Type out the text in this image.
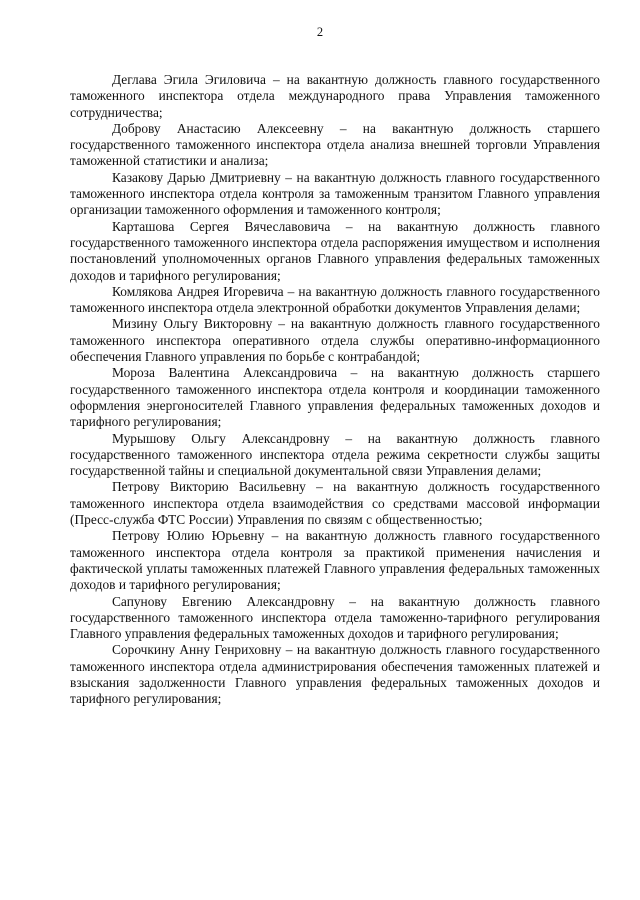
2

Деглава Эгила Эгиловича – на вакантную должность главного государственного таможенного инспектора отдела международного права Управления таможенного сотрудничества;

Доброву Анастасию Алексеевну – на вакантную должность старшего государственного таможенного инспектора отдела анализа внешней торговли Управления таможенной статистики и анализа;

Казакову Дарью Дмитриевну – на вакантную должность главного государственного таможенного инспектора отдела контроля за таможенным транзитом Главного управления организации таможенного оформления и таможенного контроля;

Карташова Сергея Вячеславовича – на вакантную должность главного государственного таможенного инспектора отдела распоряжения имуществом и исполнения постановлений уполномоченных органов Главного управления федеральных таможенных доходов и тарифного регулирования;

Комлякова Андрея Игоревича – на вакантную должность главного государственного таможенного инспектора отдела электронной обработки документов Управления делами;

Мизину Ольгу Викторовну – на вакантную должность главного государственного таможенного инспектора оперативного отдела службы оперативно-информационного обеспечения Главного управления по борьбе с контрабандой;

Мороза Валентина Александровича – на вакантную должность старшего государственного таможенного инспектора отдела контроля и координации таможенного оформления энергоносителей Главного управления федеральных таможенных доходов и тарифного регулирования;

Мурышову Ольгу Александровну – на вакантную должность главного государственного таможенного инспектора отдела режима секретности службы защиты государственной тайны и специальной документальной связи Управления делами;

Петрову Викторию Васильевну – на вакантную должность государственного таможенного инспектора отдела взаимодействия со средствами массовой информации (Пресс-служба ФТС России) Управления по связям с общественностью;

Петрову Юлию Юрьевну – на вакантную должность главного государственного таможенного инспектора отдела контроля за практикой применения начисления и фактической уплаты таможенных платежей Главного управления федеральных таможенных доходов и тарифного регулирования;

Сапунову Евгению Александровну – на вакантную должность главного государственного таможенного инспектора отдела таможенно-тарифного регулирования Главного управления федеральных таможенных доходов и тарифного регулирования;

Сорочкину Анну Генриховну – на вакантную должность главного государственного таможенного инспектора отдела администрирования обеспечения таможенных платежей и взыскания задолженности Главного управления федеральных таможенных доходов и тарифного регулирования;
